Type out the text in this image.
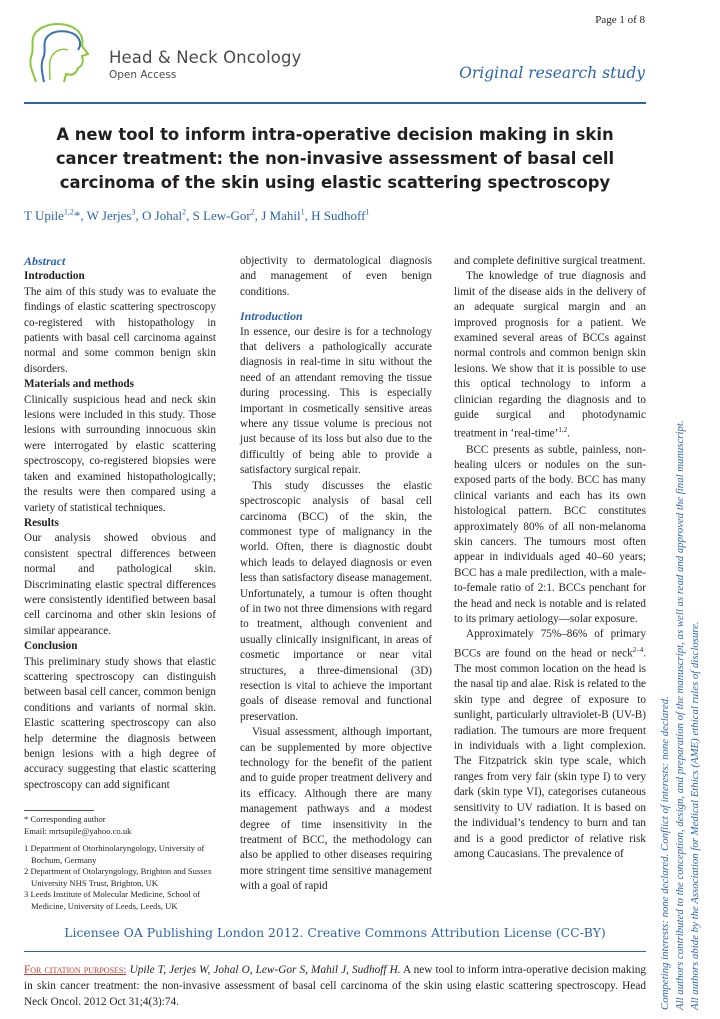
Page 1 of 8
Head & Neck Oncology
Open Access	Original research study
A new tool to inform intra-operative decision making in skin cancer treatment: the non-invasive assessment of basal cell carcinoma of the skin using elastic scattering spectroscopy
T Upile$^{1,2}$*, W Jerjes$^3$, O Johal$^2$, S Lew-Gor$^2$, J Mahil$^1$, H Sudhoff$^1$

Abstract

Introduction

The aim of this study was to evaluate the findings of elastic scattering spectroscopy co-registered with histopathology in patients with basal cell carcinoma against normal and some common benign skin disorders.

Materials and methods

Clinically suspicious head and neck skin lesions were included in this study. Those lesions with surrounding innocuous skin were interrogated by elastic scattering spectroscopy, co-registered biopsies were taken and examined histopathologically; the results were then compared using a variety of statistical techniques.

Results

Our analysis showed obvious and consistent spectral differences between normal and pathological skin. Discriminating elastic spectral differences were consistently identified between basal cell carcinoma and other skin lesions of similar appearance.

Conclusion

This preliminary study shows that elastic scattering spectroscopy can distinguish between basal cell cancer, common benign conditions and variants of normal skin. Elastic scattering spectroscopy can also help determine the diagnosis between benign lesions with a high degree of accuracy suggesting that elastic scattering spectroscopy can add significant

* Corresponding author
Email: mrtsupile@yahoo.co.uk
1 Department of Otorhinolaryngology, University of Bochum, Germany
2 Department of Otolaryngology, Brighton and Sussex University NHS Trust, Brighton, UK
3 Leeds Institute of Molecular Medicine, School of Medicine, University of Leeds, Leeds, UK

objectivity to dermatological diagnosis and management of even benign conditions.

Introduction

In essence, our desire is for a technology that delivers a pathologically accurate diagnosis in real-time in situ without the need of an attendant removing the tissue during processing. This is especially important in cosmetically sensitive areas where any tissue volume is precious not just because of its loss but also due to the difficultly of being able to provide a satisfactory surgical repair.

This study discusses the elastic spectroscopic analysis of basal cell carcinoma (BCC) of the skin, the commonest type of malignancy in the world. Often, there is diagnostic doubt which leads to delayed diagnosis or even less than satisfactory disease management. Unfortunately, a tumour is often thought of in two not three dimensions with regard to treatment, although convenient and usually clinically insignificant, in areas of cosmetic importance or near vital structures, a three-dimensional (3D) resection is vital to achieve the important goals of disease removal and functional preservation.

Visual assessment, although important, can be supplemented by more objective technology for the benefit of the patient and to guide proper treatment delivery and its efficacy. Although there are many management pathways and a modest degree of time insensitivity in the treatment of BCC, the methodology can also be applied to other diseases requiring more stringent time sensitive management with a goal of rapid

and complete definitive surgical treatment.

The knowledge of true diagnosis and limit of the disease aids in the delivery of an adequate surgical margin and an improved prognosis for a patient. We examined several areas of BCCs against normal controls and common benign skin lesions. We show that it is possible to use this optical technology to inform a clinician regarding the diagnosis and to guide surgical and photodynamic treatment in ‘real-time’$^{1,2}$.

BCC presents as subtle, painless, non-healing ulcers or nodules on the sun-exposed parts of the body. BCC has many clinical variants and each has its own histological pattern. BCC constitutes approximately 80% of all non-melanoma skin cancers. The tumours most often appear in individuals aged 40–60 years; BCC has a male predilection, with a male-to-female ratio of 2:1. BCCs penchant for the head and neck is notable and is related to its primary aetiology—solar exposure.

Approximately 75%–86% of primary BCCs are found on the head or neck$^{2-4}$. The most common location on the head is the nasal tip and alae. Risk is related to the skin type and degree of exposure to sunlight, particularly ultraviolet-B (UV-B) radiation. The tumours are more frequent in individuals with a light complexion. The Fitzpatrick skin type scale, which ranges from very fair (skin type I) to very dark (skin type VI), categorises cutaneous sensitivity to UV radiation. It is based on the individual’s tendency to burn and tan and is a good predictor of relative risk among Caucasians. The prevalence of

Licensee OA Publishing London 2012. Creative Commons Attribution License (CC-BY)
For citation purposes: Upile T, Jerjes W, Johal O, Lew-Gor S, Mahil J, Sudhoff H. A new tool to inform intra-operative decision making in skin cancer treatment: the non-invasive assessment of basal cell carcinoma of the skin using elastic scattering spectroscopy. Head Neck Oncol. 2012 Oct 31;4(3):74.	Competing interests: none declared. Conflict of interests: none declared. All authors contributed to the conception, design, and preparation of the manuscript, as well as read and approved the final manuscript. All authors abide by the Association for Medical Ethics (AME) ethical rules of disclosure.
